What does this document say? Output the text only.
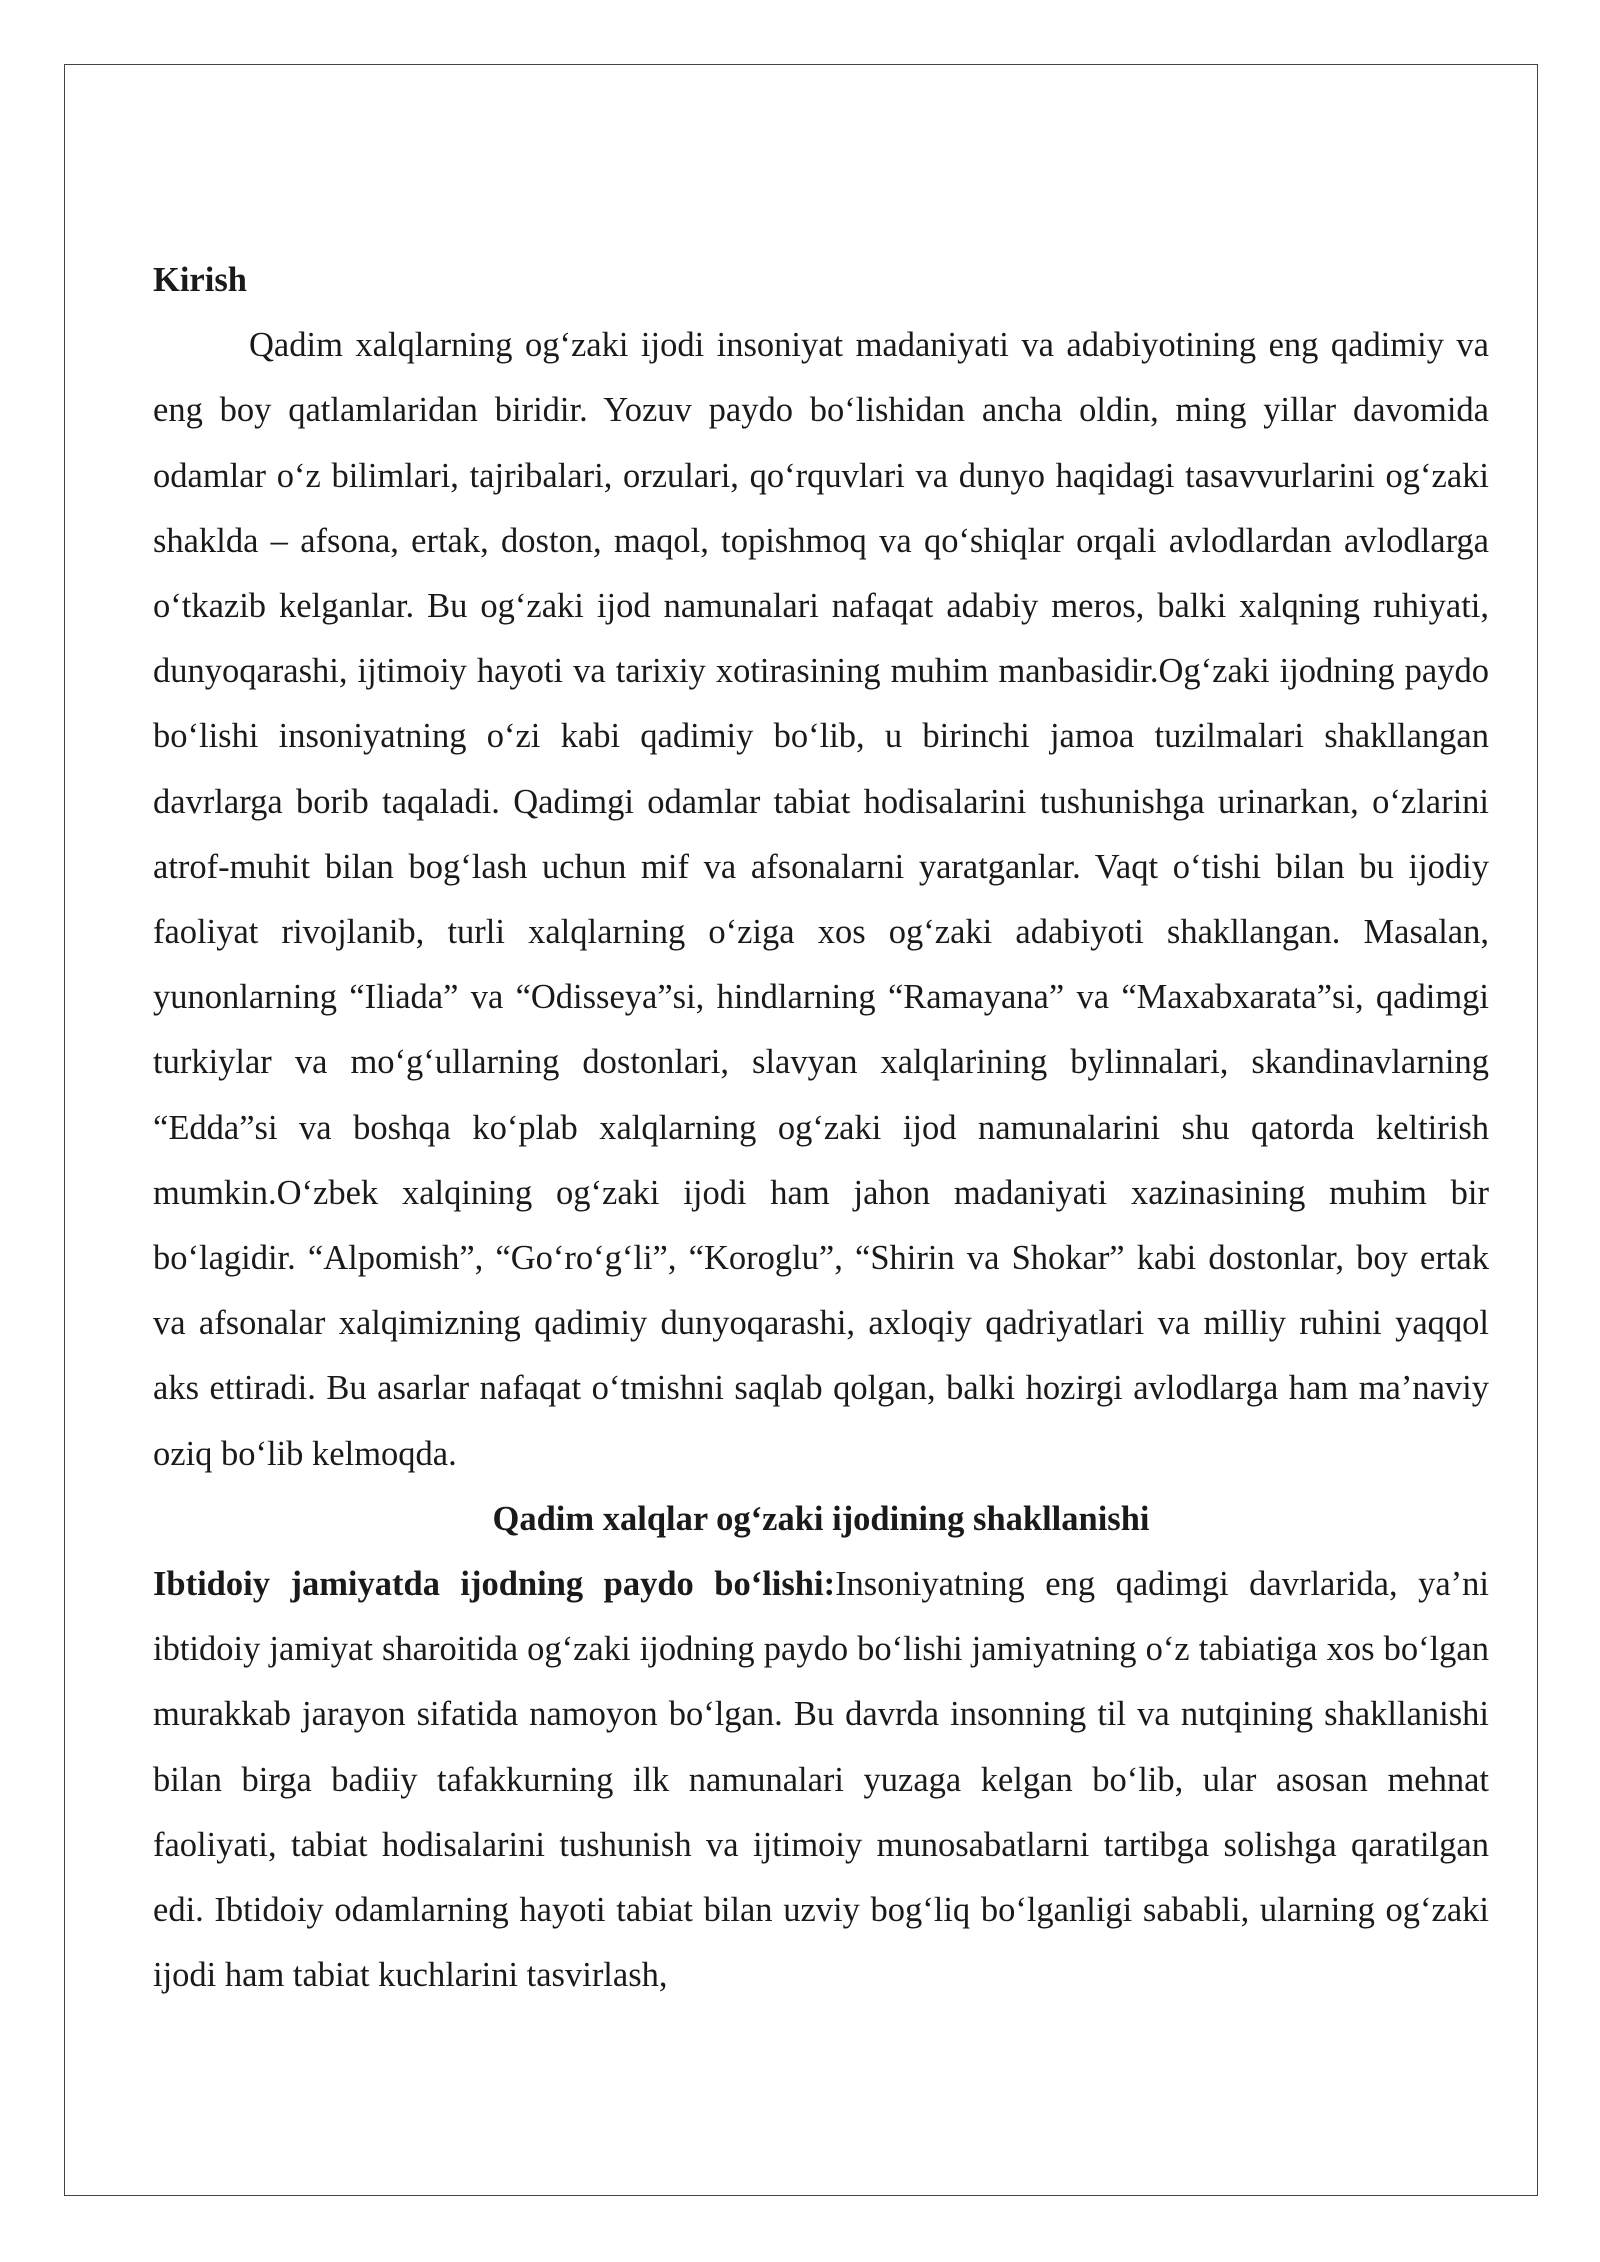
Kirish

Qadim xalqlarning og‘zaki ijodi insoniyat madaniyati va adabiyotining eng qadimiy va eng boy qatlamlaridan biridir. Yozuv paydo bo‘lishidan ancha oldin, ming yillar davomida odamlar o‘z bilimlari, tajribalari, orzulari, qo‘rquvlari va dunyo haqidagi tasavvurlarini og‘zaki shaklda – afsona, ertak, doston, maqol, topishmoq va qo‘shiqlar orqali avlodlardan avlodlarga o‘tkazib kelganlar. Bu og‘zaki ijod namunalari nafaqat adabiy meros, balki xalqning ruhiyati, dunyoqarashi, ijtimoiy hayoti va tarixiy xotirasining muhim manbasidir.Og‘zaki ijodning paydo bo‘lishi insoniyatning o‘zi kabi qadimiy bo‘lib, u birinchi jamoa tuzilmalari shakllangan davrlarga borib taqaladi. Qadimgi odamlar tabiat hodisalarini tushunishga urinarkan, o‘zlarini atrof-muhit bilan bog‘lash uchun mif va afsonalarni yaratganlar. Vaqt o‘tishi bilan bu ijodiy faoliyat rivojlanib, turli xalqlarning o‘ziga xos og‘zaki adabiyoti shakllangan. Masalan, yunonlarning “Iliada” va “Odisseya”si, hindlarning “Ramayana” va “Maxabxarata”si, qadimgi turkiylar va mo‘g‘ullarning dostonlari, slavyan xalqlarining bylinnalari, skandinavlarning “Edda”si va boshqa ko‘plab xalqlarning og‘zaki ijod namunalarini shu qatorda keltirish mumkin.O‘zbek xalqining og‘zaki ijodi ham jahon madaniyati xazinasining muhim bir bo‘lagidir. “Alpomish”, “Go‘ro‘g‘li”, “Koroglu”, “Shirin va Shokar” kabi dostonlar, boy ertak va afsonalar xalqimizning qadimiy dunyoqarashi, axloqiy qadriyatlari va milliy ruhini yaqqol aks ettiradi. Bu asarlar nafaqat o‘tmishni saqlab qolgan, balki hozirgi avlodlarga ham ma’naviy oziq bo‘lib kelmoqda.

Qadim xalqlar og‘zaki ijodining shakllanishi

Ibtidoiy jamiyatda ijodning paydo bo‘lishi:Insoniyatning eng qadimgi davrlarida, ya’ni ibtidoiy jamiyat sharoitida og‘zaki ijodning paydo bo‘lishi jamiyatning o‘z tabiatiga xos bo‘lgan murakkab jarayon sifatida namoyon bo‘lgan. Bu davrda insonning til va nutqining shakllanishi bilan birga badiiy tafakkurning ilk namunalari yuzaga kelgan bo‘lib, ular asosan mehnat faoliyati, tabiat hodisalarini tushunish va ijtimoiy munosabatlarni tartibga solishga qaratilgan edi. Ibtidoiy odamlarning hayoti tabiat bilan uzviy bog‘liq bo‘lganligi sababli, ularning og‘zaki ijodi ham tabiat kuchlarini tasvirlash,
